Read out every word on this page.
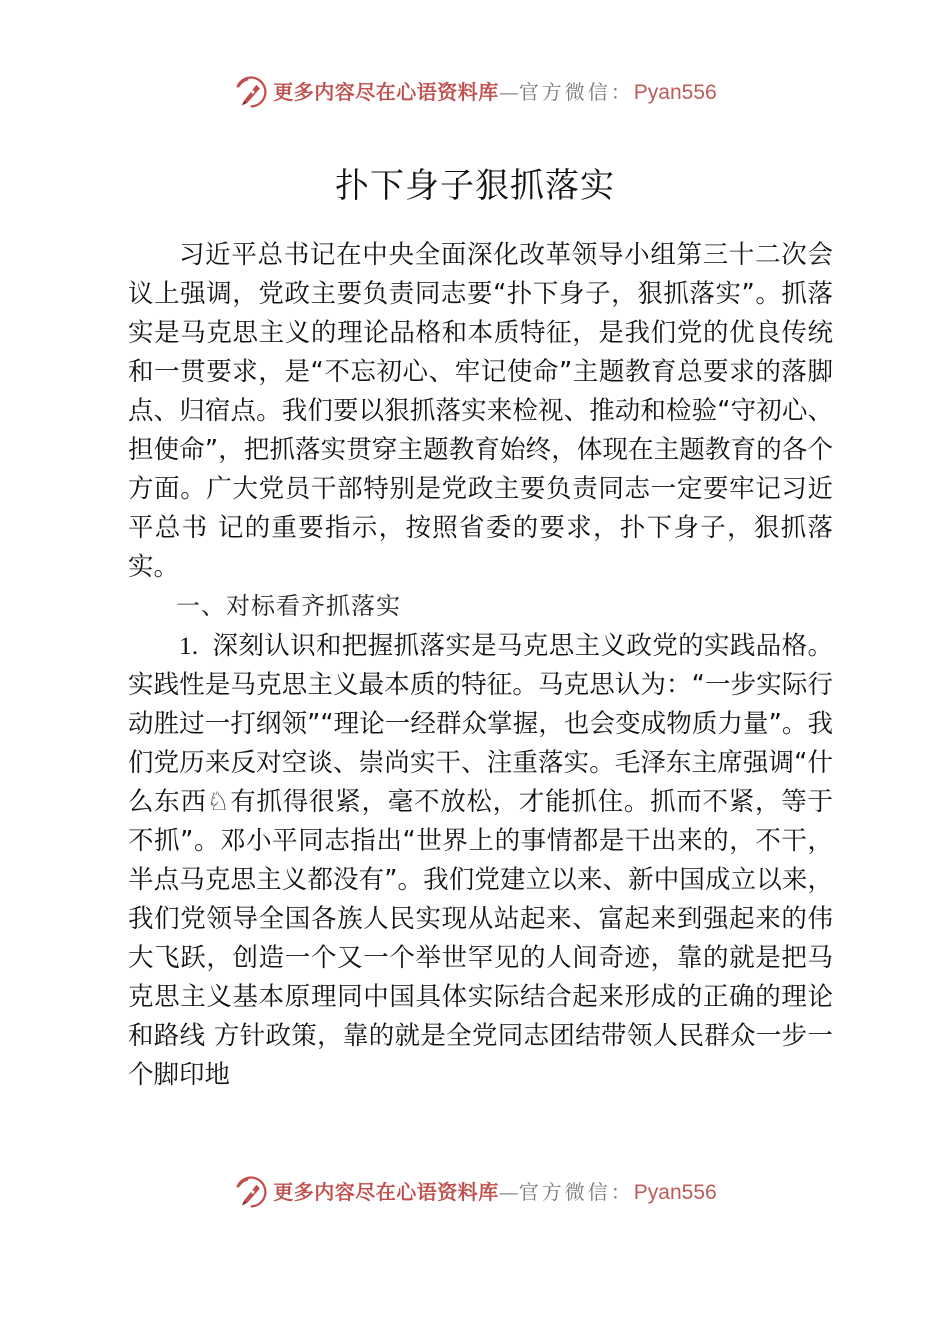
更多内容尽在心语资料库 — 官方微信： Pyan556
扑下身子狠抓落实

习近平总书记在中央全面深化改革领导小组第三十二次会 议上强调，党政主要负责同志要“扑下身子，狠抓落实”。抓落实是马克思主义的理论品格和本质特征，是我们党的优良传统和一贯要求，是“不忘初心、牢记使命”主题教育总要求的落脚点、归宿点。我们要以狠抓落实来检视、推动和检验“守初心、担使命”，把抓落实贯穿主题教育始终，体现在主题教育的各个方面。广大党员干部特别是党政主要负责同志一定要牢记习近平总书 记的重要指示，按照省委的要求，扑下身子，狠抓落实。

一、对标看齐抓落实

1. 深刻认识和把握抓落实是马克思主义政党的实践品格。实践性是马克思主义最本质的特征。马克思认为：“一步实际行动胜过一打纲领”“理论一经群众掌握，也会变成物质力量”。我们党历来反对空谈、崇尚实干、注重落实。毛泽东主席强调“什么东西♘有抓得很紧，毫不放松，才能抓住。抓而不紧，等于不抓”。邓小平同志指出“世界上的事情都是干出来的，不干，半点马克思主义都没有”。我们党建立以来、新中国成立以来，我们党领导全国各族人民实现从站起来、富起来到强起来的伟大飞跃，创造一个又一个举世罕见的人间奇迹，靠的就是把马克思主义基本原理同中国具体实际结合起来形成的正确的理论和路线 方针政策，靠的就是全党同志团结带领人民群众一步一个脚印地

更多内容尽在心语资料库 — 官方微信： Pyan556
